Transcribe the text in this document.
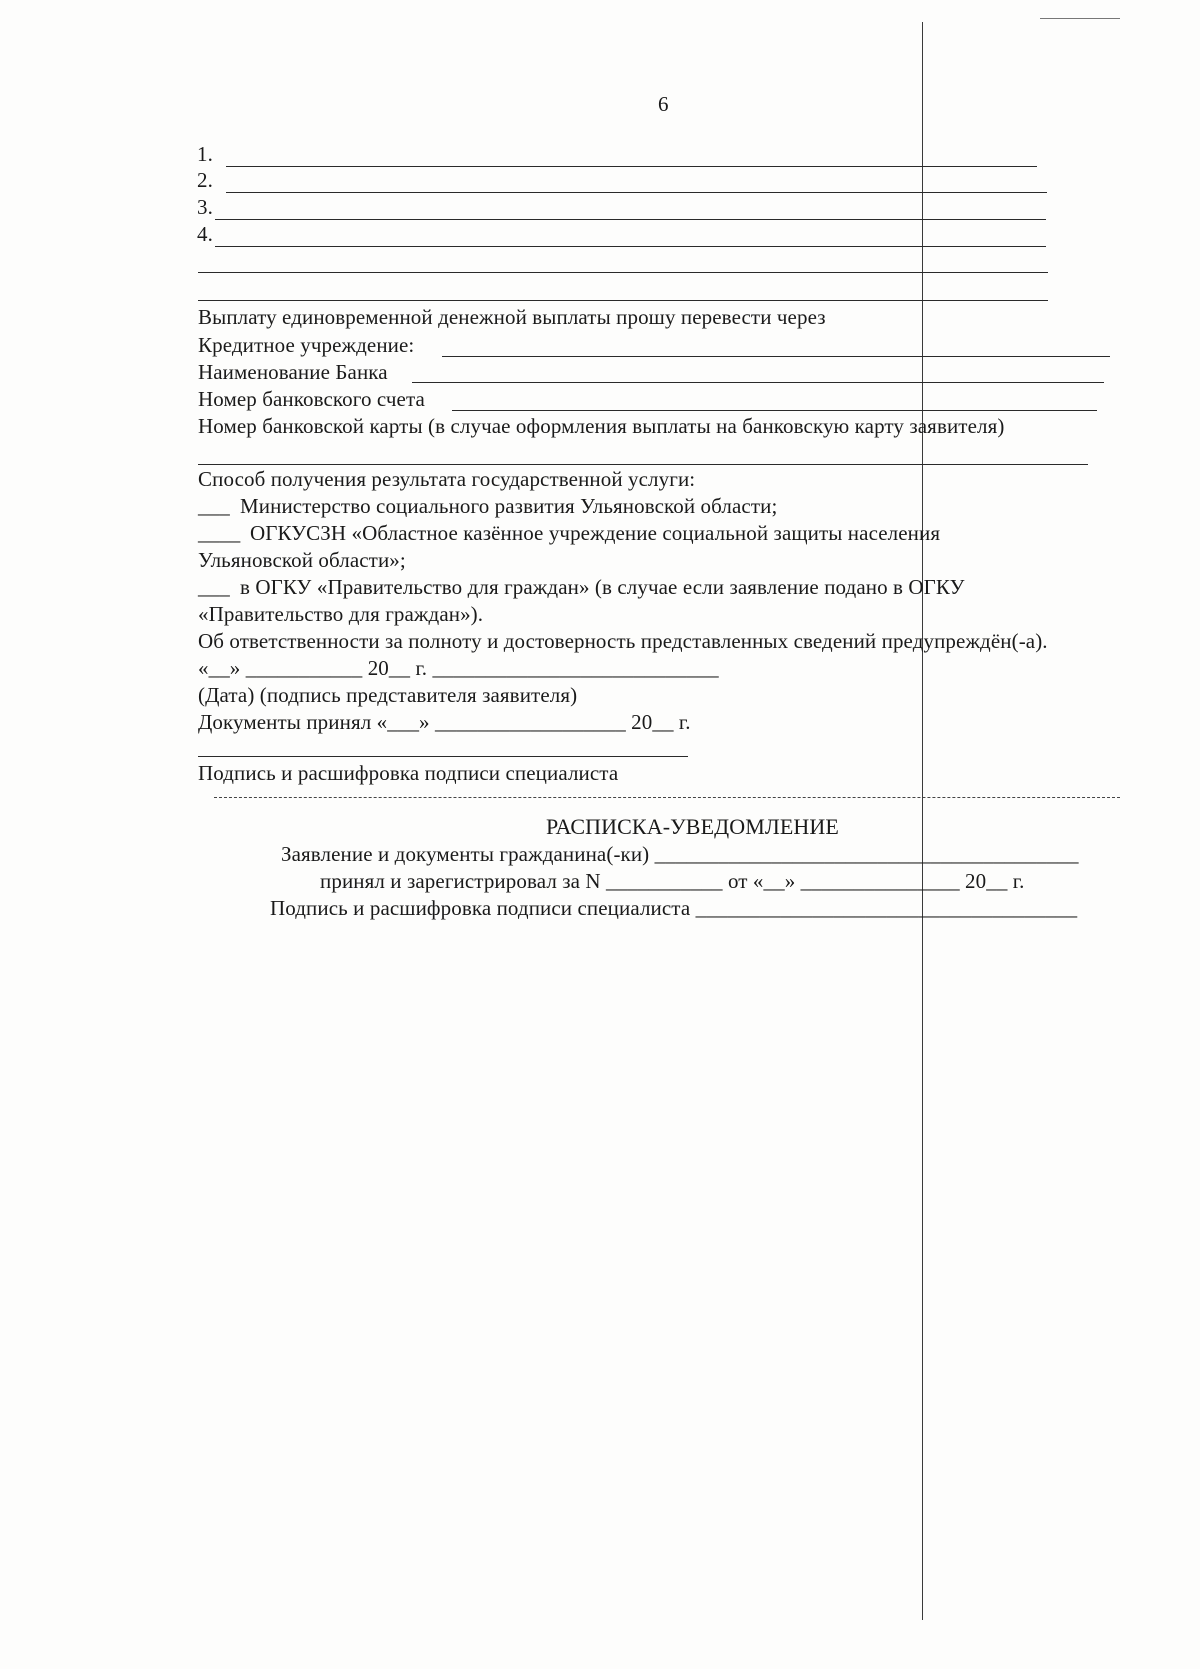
6
1.
2.
3.
4.
Выплату единовременной денежной выплаты прошу перевести через
Кредитное учреждение:
Наименование Банка
Номер банковского счета
Номер банковской карты (в случае оформления выплаты на банковскую карту заявителя)
Способ получения результата государственной услуги:
___ Министерство социального развития Ульяновской области;
____ ОГКУСЗН «Областное казённое учреждение социальной защиты населения
Ульяновской области»;
___ в ОГКУ «Правительство для граждан» (в случае если заявление подано в ОГКУ
«Правительство для граждан»).
Об ответственности за полноту и достоверность представленных сведений предупреждён(-а).
«__» ___________ 20__ г. ___________________________
(Дата) (подпись представителя заявителя)
Документы принял «___» __________________ 20__ г.
Подпись и расшифровка подписи специалиста
РАСПИСКА-УВЕДОМЛЕНИЕ
Заявление и документы гражданина(-ки) ________________________________________
принял и зарегистрировал за N ___________ от «__» _______________ 20__ г.
Подпись и расшифровка подписи специалиста ____________________________________
